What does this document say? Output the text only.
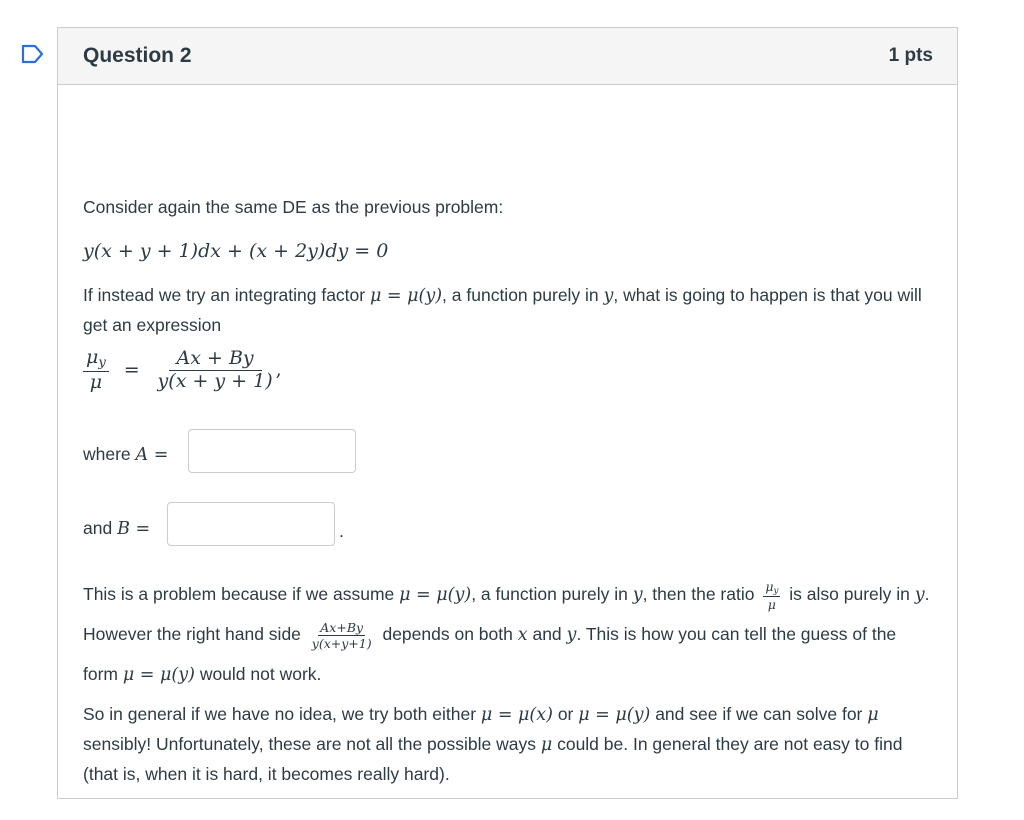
Question 2	1 pts
Consider again the same DE as the previous problem:
y(x + y + 1)dx + (x + 2y)dy = 0
If instead we try an integrating factor μ = μ(y), a function purely in y, what is going to happen is that you will get an expression
$\frac{\mu_y}{\mu} = \frac{Ax + By}{y(x + y + 1)}$ ,
where A =
and B =	.
This is a problem because if we assume μ = μ(y), a function purely in y, then the ratio $\frac{\mu_y}{\mu}$ is also purely in y. However the right hand side $\frac{Ax+By}{y(x+y+1)}$ depends on both x and y. This is how you can tell the guess of the form μ = μ(y) would not work.
So in general if we have no idea, we try both either μ = μ(x) or μ = μ(y) and see if we can solve for μ sensibly! Unfortunately, these are not all the possible ways μ could be. In general they are not easy to find (that is, when it is hard, it becomes really hard).
